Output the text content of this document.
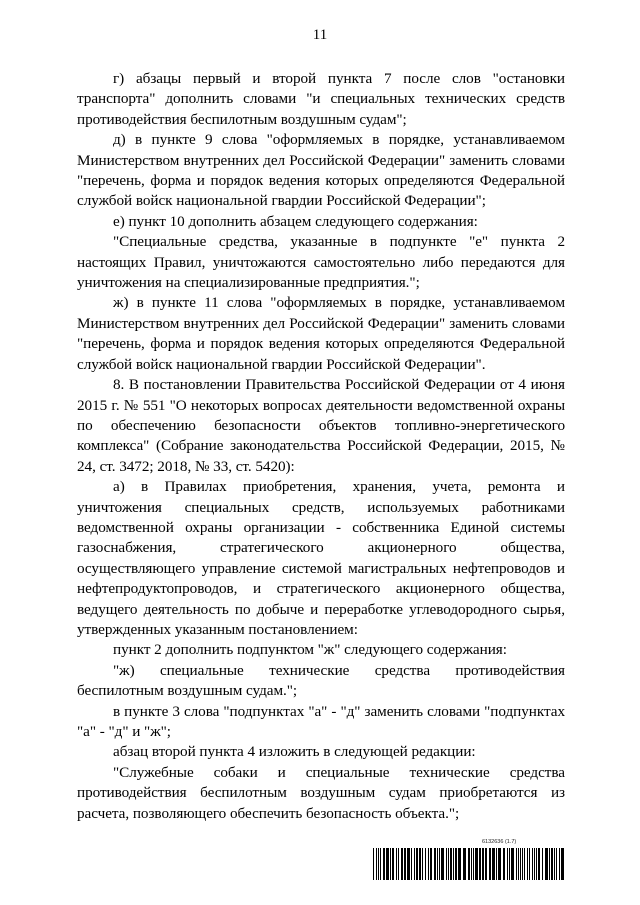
11

г) абзацы первый и второй пункта 7 после слов "остановки транспорта" дополнить словами "и специальных технических средств противодействия беспилотным воздушным судам";

д) в пункте 9 слова "оформляемых в порядке, устанавливаемом Министерством внутренних дел Российской Федерации" заменить словами "перечень, форма и порядок ведения которых определяются Федеральной службой войск национальной гвардии Российской Федерации";

е) пункт 10 дополнить абзацем следующего содержания:

"Специальные средства, указанные в подпункте "е" пункта 2 настоящих Правил, уничтожаются самостоятельно либо передаются для уничтожения на специализированные предприятия.";

ж) в пункте 11 слова "оформляемых в порядке, устанавливаемом Министерством внутренних дел Российской Федерации" заменить словами "перечень, форма и порядок ведения которых определяются Федеральной службой войск национальной гвардии Российской Федерации".

8. В постановлении Правительства Российской Федерации от 4 июня 2015 г. № 551 "О некоторых вопросах деятельности ведомственной охраны по обеспечению безопасности объектов топливно-энергетического комплекса" (Собрание законодательства Российской Федерации, 2015, № 24, ст. 3472; 2018, № 33, ст. 5420):

а) в Правилах приобретения, хранения, учета, ремонта и уничтожения специальных средств, используемых работниками ведомственной охраны организации - собственника Единой системы газоснабжения, стратегического акционерного общества, осуществляющего управление системой магистральных нефтепроводов и нефтепродуктопроводов, и стратегического акционерного общества, ведущего деятельность по добыче и переработке углеводородного сырья, утвержденных указанным постановлением:

пункт 2 дополнить подпунктом "ж" следующего содержания:

"ж) специальные технические средства противодействия беспилотным воздушным судам.";

в пункте 3 слова "подпунктах "а" - "д" заменить словами "подпунктах "а" - "д" и "ж";

абзац второй пункта 4 изложить в следующей редакции:

"Служебные собаки и специальные технические средства противодействия беспилотным воздушным судам приобретаются из расчета, позволяющего обеспечить безопасность объекта.";

6132636 (1.7)
